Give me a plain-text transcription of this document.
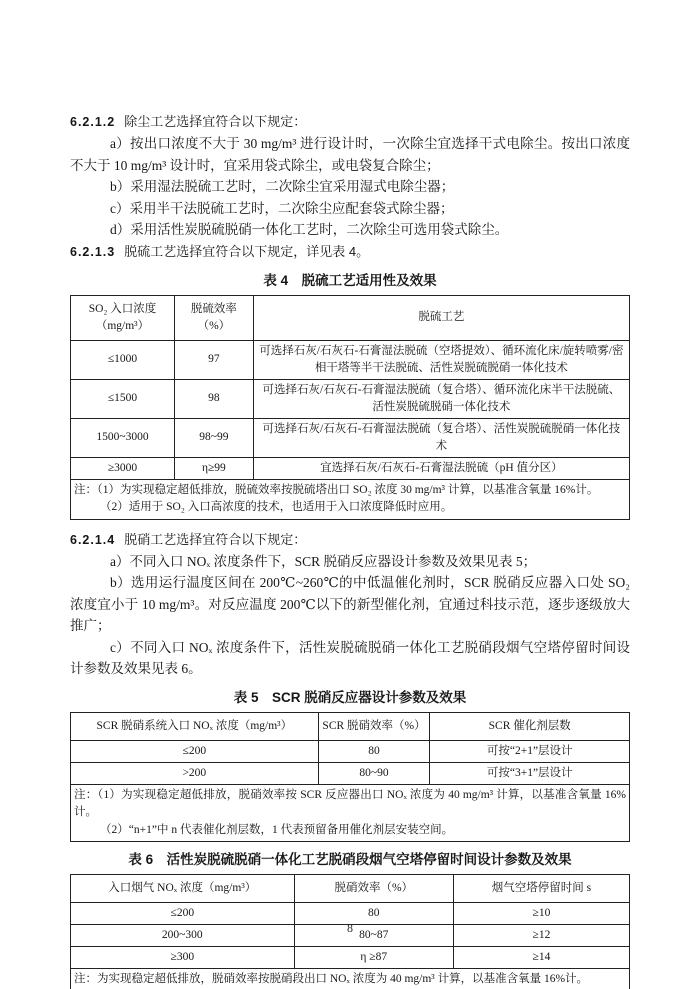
6.2.1.2 除尘工艺选择宜符合以下规定：

a）按出口浓度不大于 30 mg/m³ 进行设计时，一次除尘宜选择干式电除尘。按出口浓度不大于 10 mg/m³ 设计时，宜采用袋式除尘，或电袋复合除尘；

b）采用湿法脱硫工艺时，二次除尘宜采用湿式电除尘器；

c）采用半干法脱硫工艺时，二次除尘应配套袋式除尘器；

d）采用活性炭脱硫脱硝一体化工艺时，二次除尘可选用袋式除尘。

6.2.1.3 脱硫工艺选择宜符合以下规定，详见表 4。

表 4　脱硫工艺适用性及效果
SO₂ 入口浓度（mg/m³）	脱硫效率（%）	脱硫工艺
≤1000	97	可选择石灰/石灰石-石膏湿法脱硫（空塔提效）、循环流化床/旋转喷雾/密相干塔等半干法脱硫、活性炭脱硫脱硝一体化技术
≤1500	98	可选择石灰/石灰石-石膏湿法脱硫（复合塔）、循环流化床半干法脱硫、活性炭脱硫脱硝一体化技术
1500~3000	98~99	可选择石灰/石灰石-石膏湿法脱硫（复合塔）、活性炭脱硫脱硝一体化技术
≥3000	η≥99	宜选择石灰/石灰石-石膏湿法脱硫（pH 值分区）

注：（1）为实现稳定超低排放，脱硫效率按脱硫塔出口 SO₂ 浓度 30 mg/m³ 计算，以基准含氧量 16%计。
（2）适用于 SO₂ 入口高浓度的技术，也适用于入口浓度降低时应用。		

6.2.1.4 脱硝工艺选择宜符合以下规定：

a）不同入口 NOₓ 浓度条件下，SCR 脱硝反应器设计参数及效果见表 5；

b）选用运行温度区间在 200℃~260℃的中低温催化剂时，SCR 脱硝反应器入口处 SO₂ 浓度宜小于 10 mg/m³。对反应温度 200℃以下的新型催化剂，宜通过科技示范，逐步逐级放大推广；

c）不同入口 NOₓ 浓度条件下，活性炭脱硫脱硝一体化工艺脱硝段烟气空塔停留时间设计参数及效果见表 6。

表 5　SCR 脱硝反应器设计参数及效果
SCR 脱硝系统入口 NOₓ 浓度（mg/m³）	SCR 脱硝效率（%）	SCR 催化剂层数
≤200	80	可按“2+1”层设计
>200	80~90	可按“3+1”层设计

注：（1）为实现稳定超低排放，脱硝效率按 SCR 反应器出口 NOₓ 浓度为 40 mg/m³ 计算，以基准含氧量 16%计。
（2）“n+1”中 n 代表催化剂层数，1 代表预留备用催化剂层安装空间。		
表 6　活性炭脱硫脱硝一体化工艺脱硝段烟气空塔停留时间设计参数及效果
入口烟气 NOₓ 浓度（mg/m³）	脱硝效率（%）	烟气空塔停留时间 s
≤200	80	≥10
200~300	80~87	≥12
≥300	η ≥87	≥14

注：为实现稳定超低排放，脱硝效率按脱硝段出口 NOₓ 浓度为 40 mg/m³ 计算，以基准含氧量 16%计。		
8
